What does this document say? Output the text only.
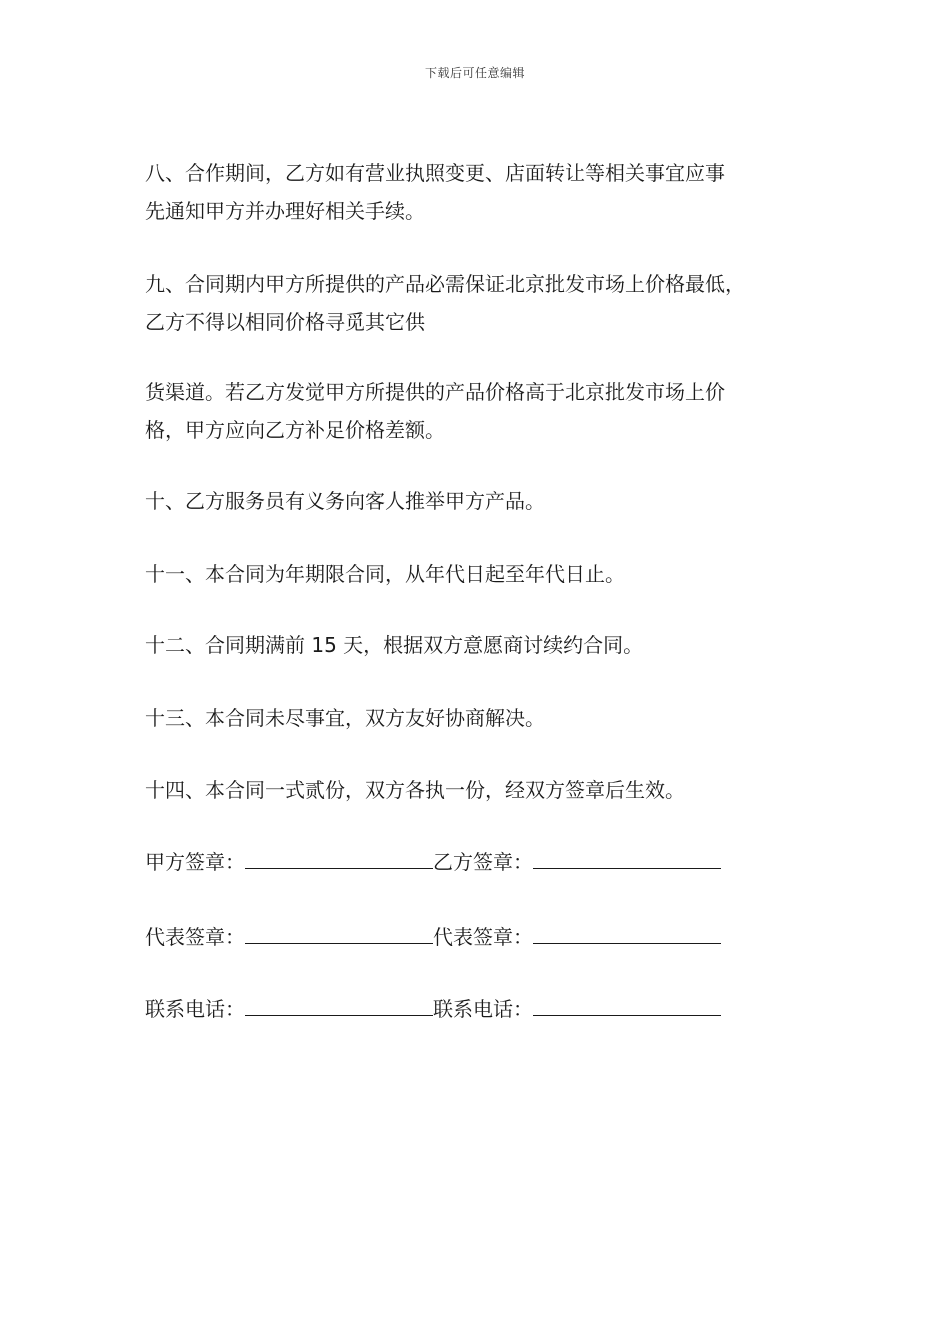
下载后可任意编辑

八、合作期间，乙方如有营业执照变更、店面转让等相关事宜应事
先通知甲方并办理好相关手续。

九、合同期内甲方所提供的产品必需保证北京批发市场上价格最低，
乙方不得以相同价格寻觅其它供

货渠道。若乙方发觉甲方所提供的产品价格高于北京批发市场上价
格，甲方应向乙方补足价格差额。

十、乙方服务员有义务向客人推举甲方产品。

十一、本合同为年期限合同，从年代日起至年代日止。

十二、合同期满前 15 天，根据双方意愿商讨续约合同。

十三、本合同未尽事宜，双方友好协商解决。

十四、本合同一式贰份，双方各执一份，经双方签章后生效。

甲方签章：	乙方签章：
代表签章：	代表签章：
联系电话：	联系电话：
